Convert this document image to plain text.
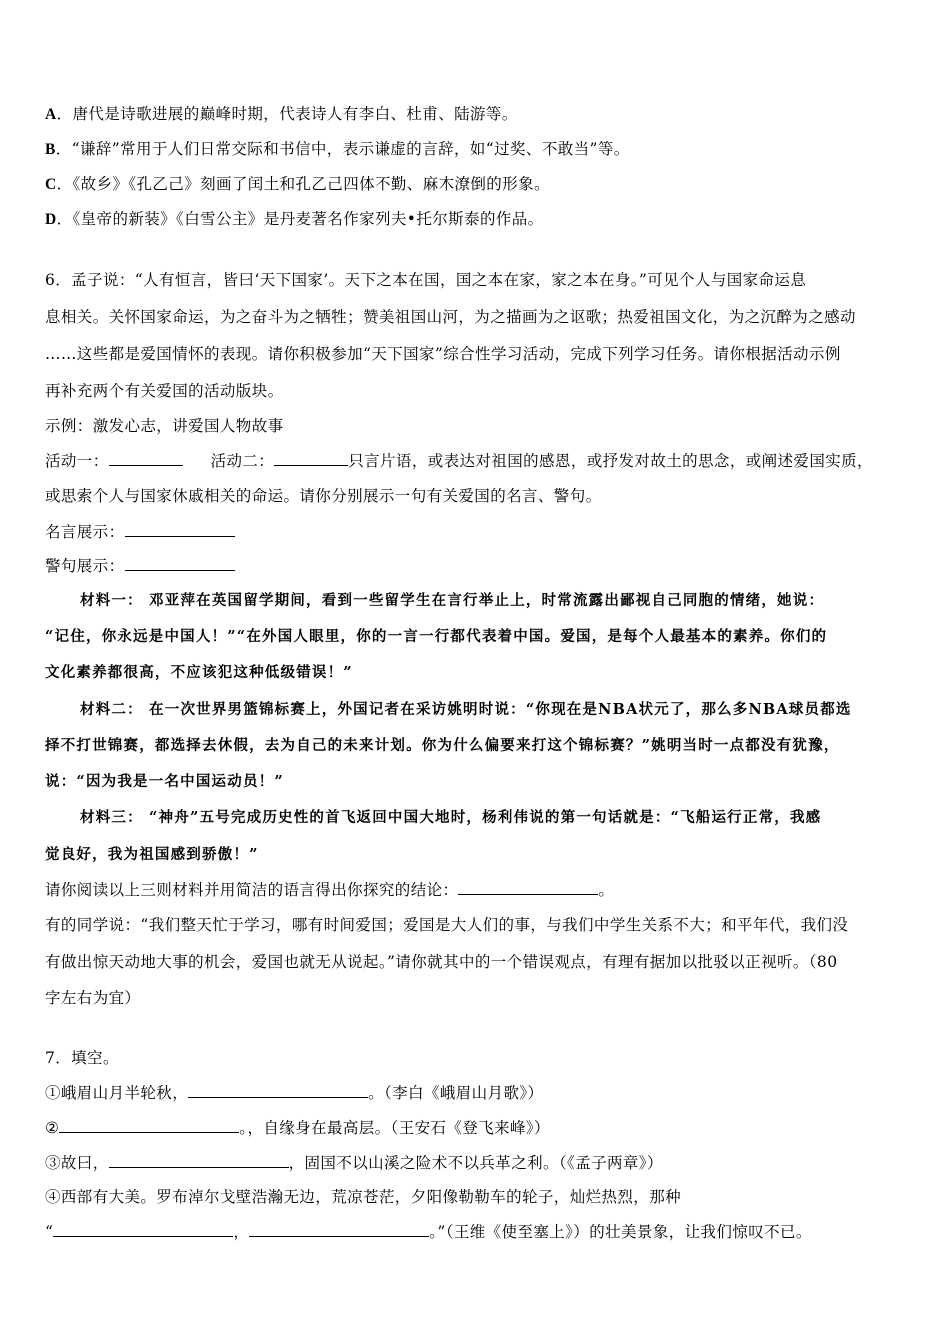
A．唐代是诗歌进展的巅峰时期，代表诗人有李白、杜甫、陆游等。
B．“谦辞”常用于人们日常交际和书信中，表示谦虚的言辞，如“过奖、不敢当”等。
C．《故乡》《孔乙己》刻画了闰土和孔乙己四体不勤、麻木潦倒的形象。
D．《皇帝的新装》《白雪公主》是丹麦著名作家列夫•托尔斯泰的作品。
6．孟子说：“人有恒言，皆曰‘天下国家’。天下之本在国，国之本在家，家之本在身。”可见个人与国家命运息
息相关。关怀国家命运，为之奋斗为之牺牲；赞美祖国山河，为之描画为之讴歌；热爱祖国文化，为之沉醉为之感动
……这些都是爱国情怀的表现。请你积极参加“天下国家”综合性学习活动，完成下列学习任务。请你根据活动示例
再补充两个有关爱国的活动版块。
示例：激发心志，讲爱国人物故事
活动一：	活动二：	只言片语，或表达对祖国的感恩，或抒发对故土的思念，或阐述爱国实质，
或思索个人与国家休戚相关的命运。请你分别展示一句有关爱国的名言、警句。
名言展示：
警句展示：
材料一： 邓亚萍在英国留学期间，看到一些留学生在言行举止上，时常流露出鄙视自己同胞的情绪，她说：
“记住，你永远是中国人！”“在外国人眼里，你的一言一行都代表着中国。爱国，是每个人最基本的素养。你们的
文化素养都很高，不应该犯这种低级错误！”
材料二： 在一次世界男篮锦标赛上，外国记者在采访姚明时说：“你现在是NBA状元了，那么多NBA球员都选
择不打世锦赛，都选择去休假，去为自己的未来计划。你为什么偏要来打这个锦标赛？”姚明当时一点都没有犹豫，
说：“因为我是一名中国运动员！”
材料三： “神舟”五号完成历史性的首飞返回中国大地时，杨利伟说的第一句话就是：“飞船运行正常，我感
觉良好，我为祖国感到骄傲！”
请你阅读以上三则材料并用简洁的语言得出你探究的结论：	。
有的同学说：“我们整天忙于学习，哪有时间爱国；爱国是大人们的事，与我们中学生关系不大；和平年代，我们没
有做出惊天动地大事的机会，爱国也就无从说起。”请你就其中的一个错误观点，有理有据加以批驳以正视听。（80
字左右为宜）
7．填空。
①峨眉山月半轮秋，	。（李白《峨眉山月歌》）
②	。，自缘身在最高层。（王安石《登飞来峰》）
③故曰，	，固国不以山溪之险术不以兵革之利。（《孟子两章》）
④西部有大美。罗布淖尔戈壁浩瀚无边，荒凉苍茫，夕阳像勒勒车的轮子，灿烂热烈，那种
“	，	。”（王维《使至塞上》）的壮美景象，让我们惊叹不已。
